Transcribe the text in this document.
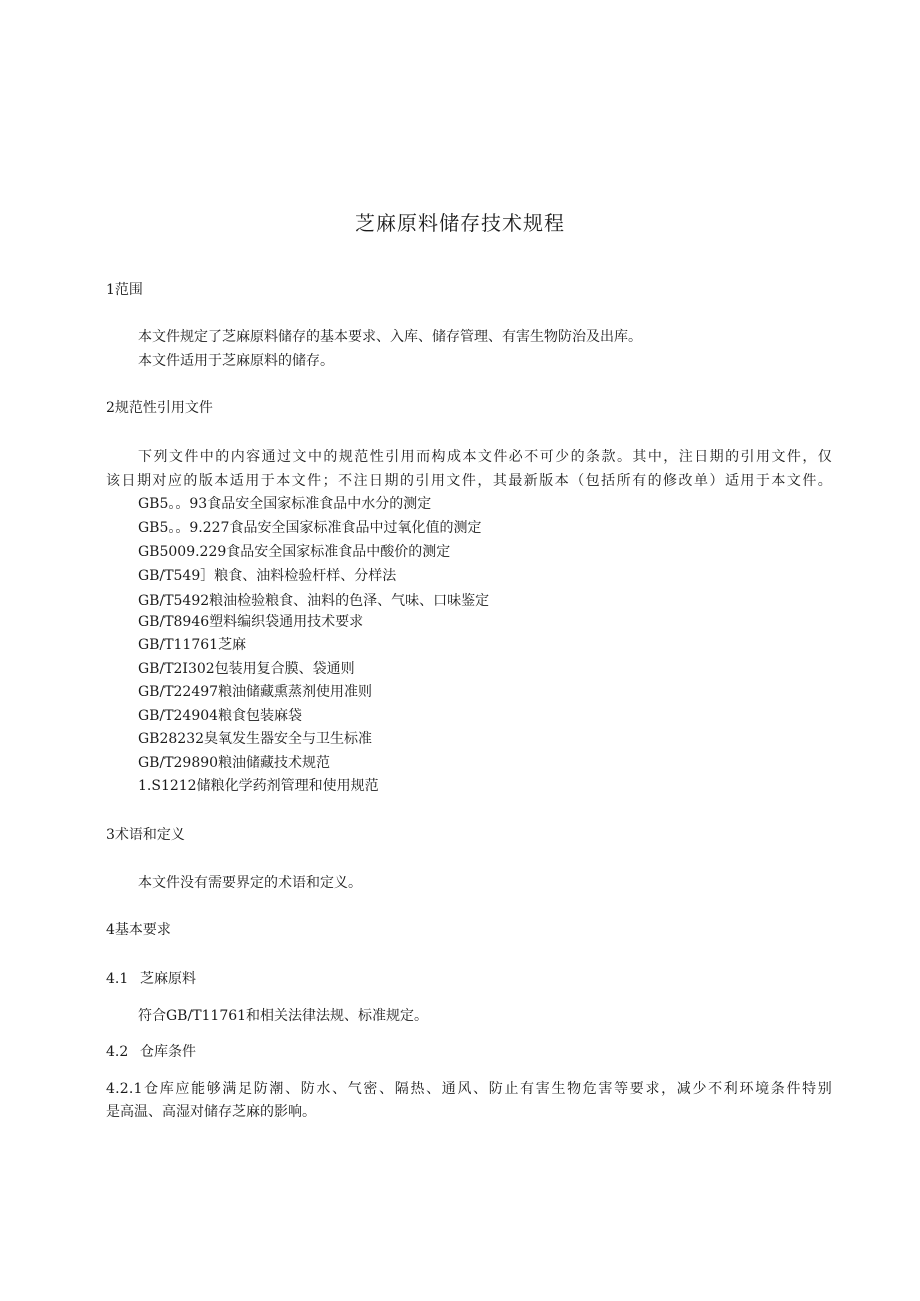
芝麻原料储存技术规程

1范围

本文件规定了芝麻原料储存的基本要求、入库、储存管理、有害生物防治及出库。

本文件适用于芝麻原料的储存。

2规范性引用文件

下列文件中的内容通过文中的规范性引用而构成本文件必不可少的条款。其中，注日期的引用文件，仅

该日期对应的版本适用于本文件；不注日期的引用文件，其最新版本（包括所有的修改单）适用于本文件。

GB5。。93食品安全国家标准食品中水分的测定

GB5。。9.227食品安全国家标准食品中过氧化值的测定

GB5009.229食品安全国家标准食品中酸价的测定

GB/T549］粮食、油料检验杆样、分样法

GB/T5492粮油检验粮食、油料的色泽、气味、口味鉴定

GB/T8946塑料编织袋通用技术要求

GB/T11761芝麻

GB/T2I302包装用复合膜、袋通则

GB/T22497粮油储藏熏蒸剂使用准则

GB/T24904粮食包装麻袋

GB28232臭氧发生器安全与卫生标准

GB/T29890粮油储藏技术规范

1.S1212储粮化学药剂管理和使用规范

3术语和定义

本文件没有需要界定的术语和定义。

4基本要求

4.1 芝麻原料

符合GB/T11761和相关法律法规、标准规定。

4.2 仓库条件

4.2.1仓库应能够满足防潮、防水、气密、隔热、通风、防止有害生物危害等要求，减少不利环境条件特别

是高温、高湿对储存芝麻的影响。
